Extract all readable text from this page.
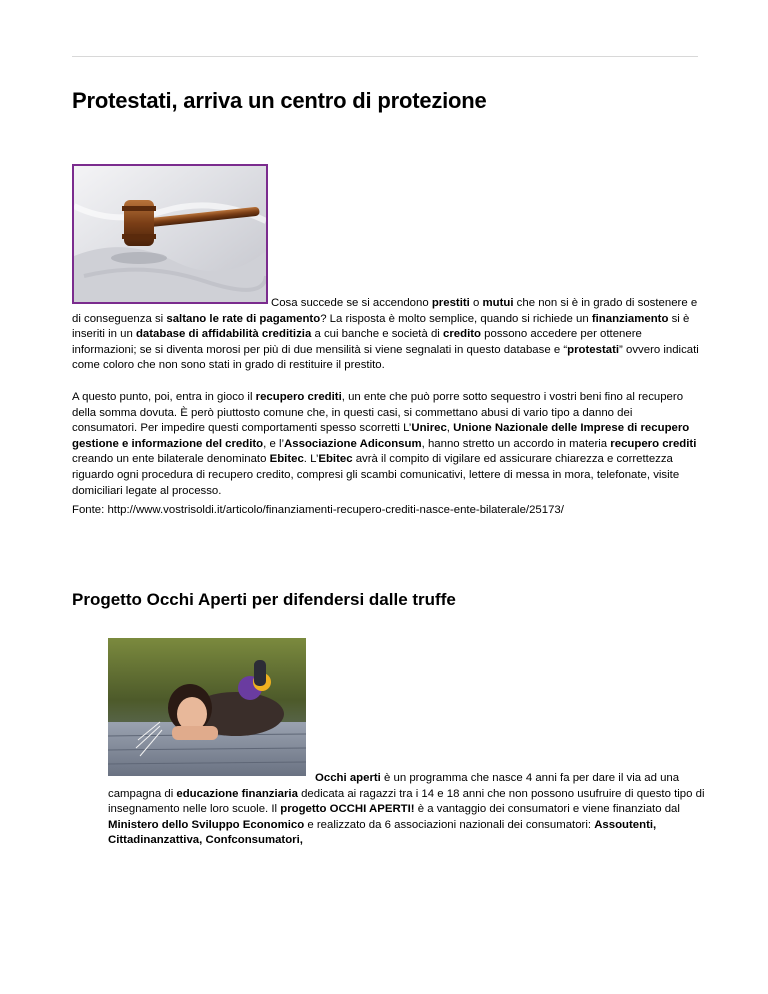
Protestati, arriva un centro di protezione

Cosa succede se si accendono prestiti o mutui che non si è in grado di sostenere e di conseguenza si saltano le rate di pagamento? La risposta è molto semplice, quando si richiede un finanziamento si è inseriti in un database di affidabilità creditizia a cui banche e società di credito possono accedere per ottenere informazioni; se si diventa morosi per più di due mensilità si viene segnalati in questo database e “protestati” ovvero indicati come coloro che non sono stati in grado di restituire il prestito.

A questo punto, poi, entra in gioco il recupero crediti, un ente che può porre sotto sequestro i vostri beni fino al recupero della somma dovuta. È però piuttosto comune che, in questi casi, si commettano abusi di vario tipo a danno dei consumatori. Per impedire questi comportamenti spesso scorretti L’Unirec, Unione Nazionale delle Imprese di recupero gestione e informazione del credito, e l’Associazione Adiconsum, hanno stretto un accordo in materia recupero crediti creando un ente bilaterale denominato Ebitec. L’Ebitec avrà il compito di vigilare ed assicurare chiarezza e correttezza riguardo ogni procedura di recupero credito, compresi gli scambi comunicativi, lettere di messa in mora, telefonate, visite domiciliari legate al processo.

Fonte: http://www.vostrisoldi.it/articolo/finanziamenti-recupero-crediti-nasce-ente-bilaterale/25173/

Progetto Occhi Aperti per difendersi dalle truffe

Occhi aperti è un programma che nasce 4 anni fa per dare il via ad una campagna di educazione finanziaria dedicata ai ragazzi tra i 14 e 18 anni che non possono usufruire di questo tipo di insegnamento nelle loro scuole. Il progetto OCCHI APERTI! è a vantaggio dei consumatori e viene finanziato dal Ministero dello Sviluppo Economico e realizzato da 6 associazioni nazionali dei consumatori: Assoutenti, Cittadinanzattiva, Confconsumatori,
